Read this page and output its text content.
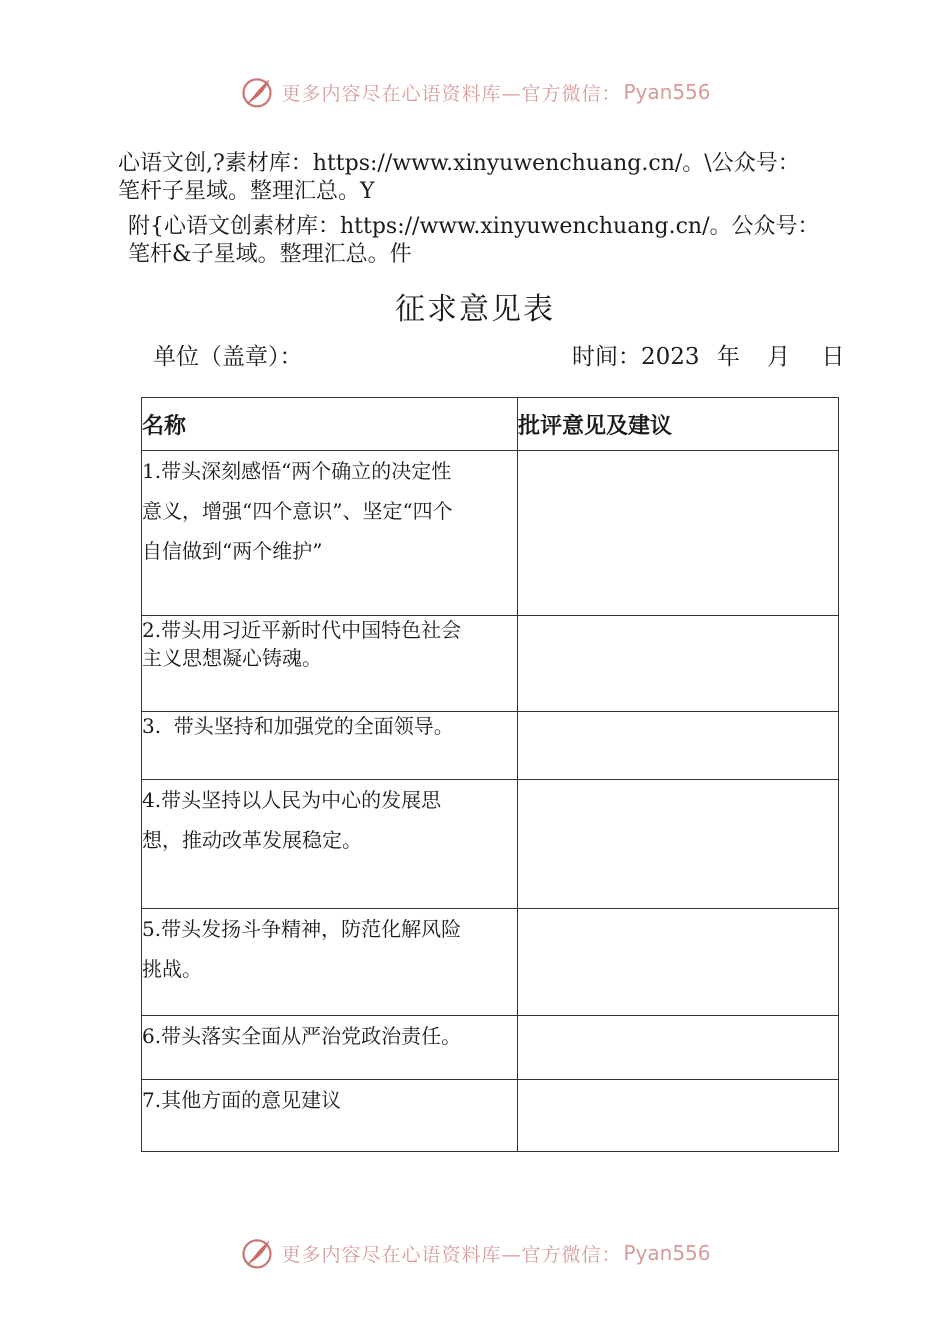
更多内容尽在心语资料库—官方微信： Pyan556
心语文创,?素材库：https://www.xinyuwenchuang.cn/。\公众号：
笔杆子星域。整理汇总。Y
附{心语文创素材库：https://www.xinyuwenchuang.cn/。公众号：
笔杆&子星域。整理汇总。件
征求意见表
单位（盖章）：	时间：2023 年 月 日
名称	批评意见及建议

1.带头深刻感悟“两个确立的决定性
意义，增强“四个意识”、坚定“四个
自信做到“两个维护”	

2.带头用习近平新时代中国特色社会
主义思想凝心铸魂。	

3.  带头坚持和加强党的全面领导。	

4.带头坚持以人民为中心的发展思
想，推动改革发展稳定。	

5.带头发扬斗争精神，防范化解风险
挑战。	

6.带头落实全面从严治党政治责任。	

7.其他方面的意见建议	

更多内容尽在心语资料库—官方微信： Pyan556
